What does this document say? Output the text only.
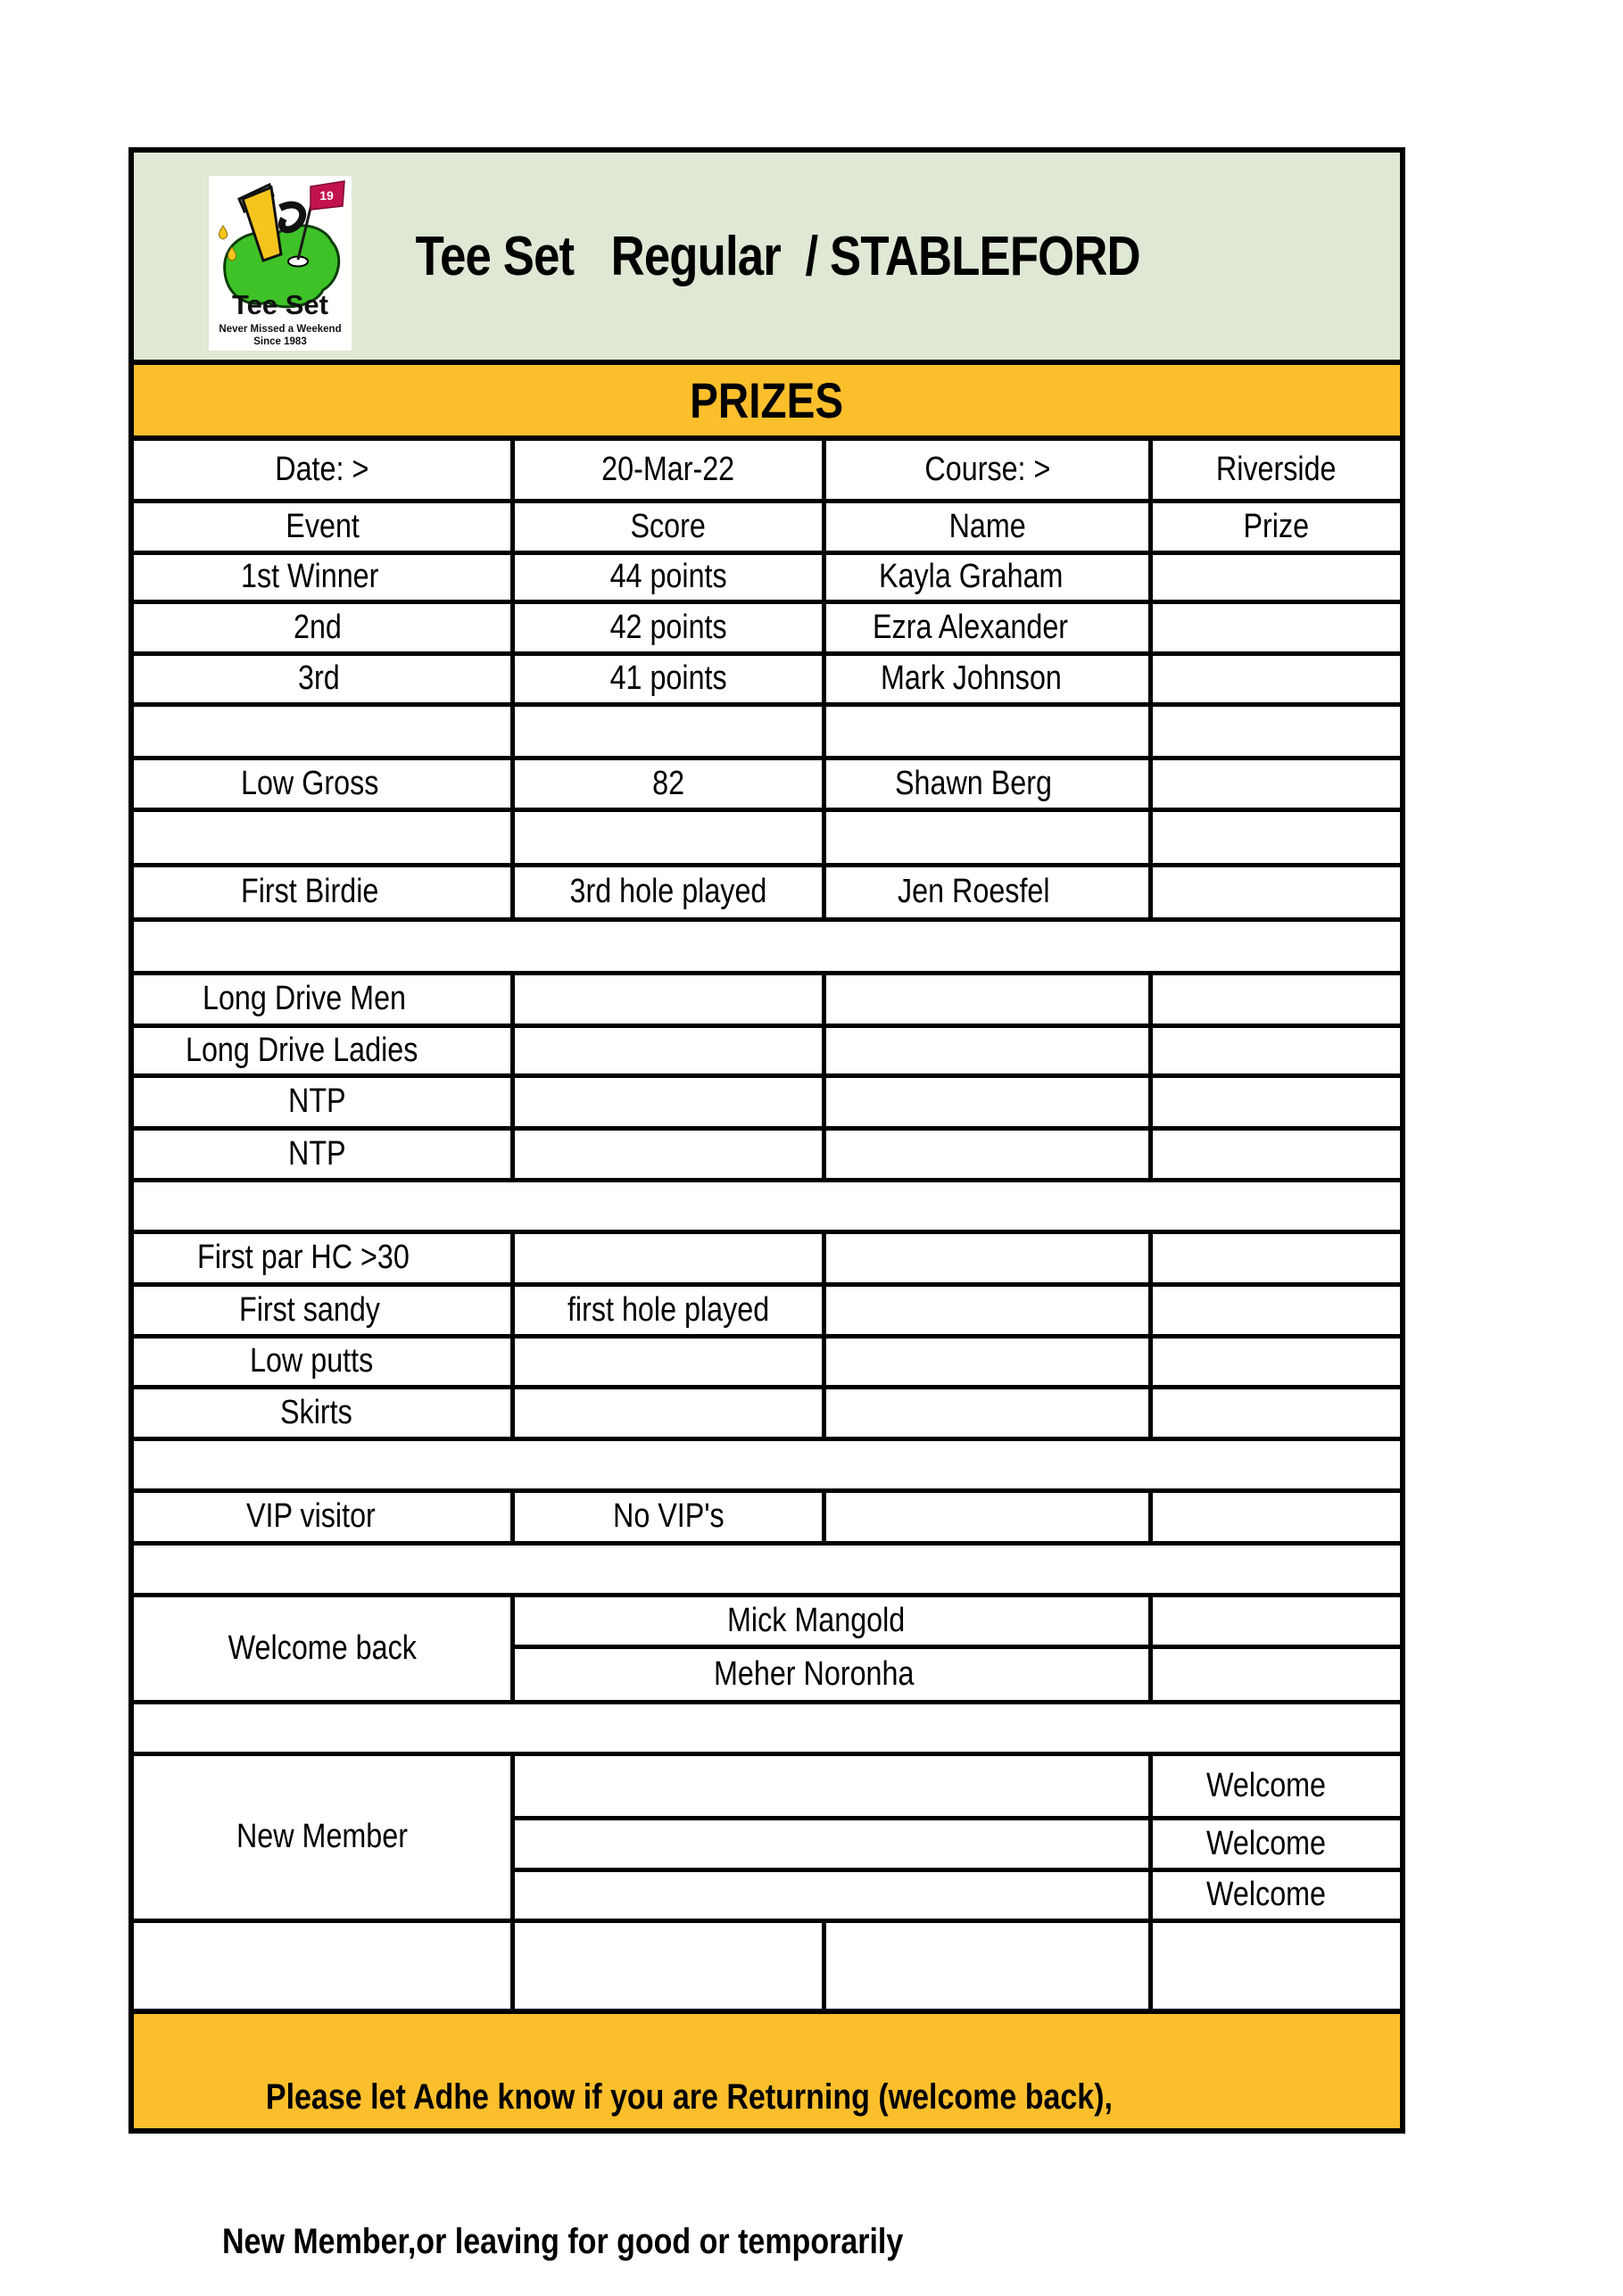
19
Tee Set
Never Missed a Weekend
Since 1983
Tee Set   Regular  / STABLEFORD
PRIZES
Date: >	20-Mar-22	Course: >	Riverside
Event	Score	Name	Prize
1st Winner	44 points	Kayla Graham	
2nd	42 points	Ezra Alexander	
3rd	41 points	Mark Johnson	

Low Gross	82	Shawn Berg	

First Birdie	3rd hole played	Jen Roesfel	

Long Drive Men			
Long Drive Ladies			
NTP			
NTP			

First par HC >30			
First sandy	first hole played		
Low putts			
Skirts			

VIP visitor	No VIP's		

Welcome back	Mick Mangold		
	Meher Noronha		

New Member			Welcome
			Welcome
			Welcome

Please let Adhe know if you are Returning (welcome back),

New Member,or leaving for good or temporarily
